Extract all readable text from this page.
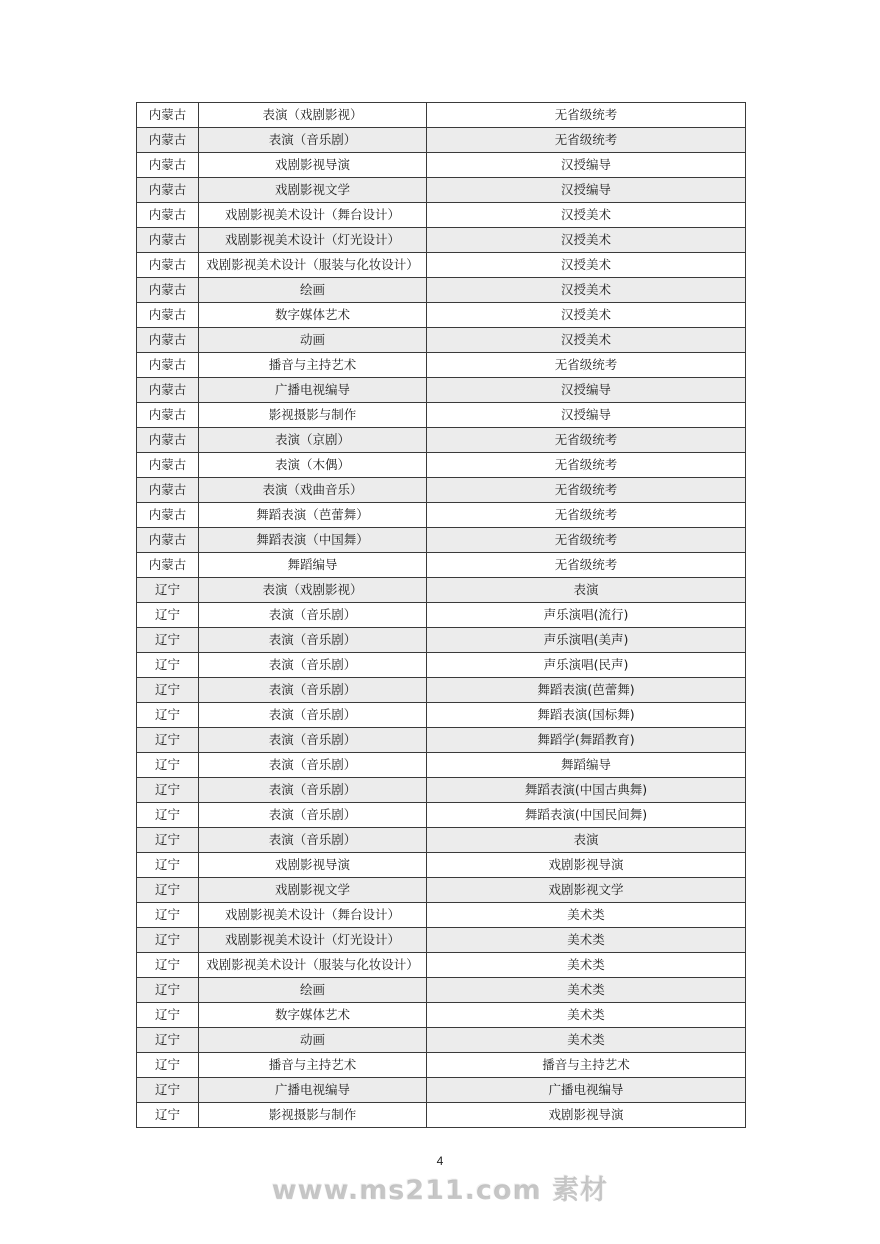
内蒙古	表演（戏剧影视）	无省级统考
内蒙古	表演（音乐剧）	无省级统考
内蒙古	戏剧影视导演	汉授编导
内蒙古	戏剧影视文学	汉授编导
内蒙古	戏剧影视美术设计（舞台设计）	汉授美术
内蒙古	戏剧影视美术设计（灯光设计）	汉授美术
内蒙古	戏剧影视美术设计（服装与化妆设计）	汉授美术
内蒙古	绘画	汉授美术
内蒙古	数字媒体艺术	汉授美术
内蒙古	动画	汉授美术
内蒙古	播音与主持艺术	无省级统考
内蒙古	广播电视编导	汉授编导
内蒙古	影视摄影与制作	汉授编导
内蒙古	表演（京剧）	无省级统考
内蒙古	表演（木偶）	无省级统考
内蒙古	表演（戏曲音乐）	无省级统考
内蒙古	舞蹈表演（芭蕾舞）	无省级统考
内蒙古	舞蹈表演（中国舞）	无省级统考
内蒙古	舞蹈编导	无省级统考
辽宁	表演（戏剧影视）	表演
辽宁	表演（音乐剧）	声乐演唱(流行)
辽宁	表演（音乐剧）	声乐演唱(美声)
辽宁	表演（音乐剧）	声乐演唱(民声)
辽宁	表演（音乐剧）	舞蹈表演(芭蕾舞)
辽宁	表演（音乐剧）	舞蹈表演(国标舞)
辽宁	表演（音乐剧）	舞蹈学(舞蹈教育)
辽宁	表演（音乐剧）	舞蹈编导
辽宁	表演（音乐剧）	舞蹈表演(中国古典舞)
辽宁	表演（音乐剧）	舞蹈表演(中国民间舞)
辽宁	表演（音乐剧）	表演
辽宁	戏剧影视导演	戏剧影视导演
辽宁	戏剧影视文学	戏剧影视文学
辽宁	戏剧影视美术设计（舞台设计）	美术类
辽宁	戏剧影视美术设计（灯光设计）	美术类
辽宁	戏剧影视美术设计（服装与化妆设计）	美术类
辽宁	绘画	美术类
辽宁	数字媒体艺术	美术类
辽宁	动画	美术类
辽宁	播音与主持艺术	播音与主持艺术
辽宁	广播电视编导	广播电视编导
辽宁	影视摄影与制作	戏剧影视导演
4
www.ms211.com 素材
